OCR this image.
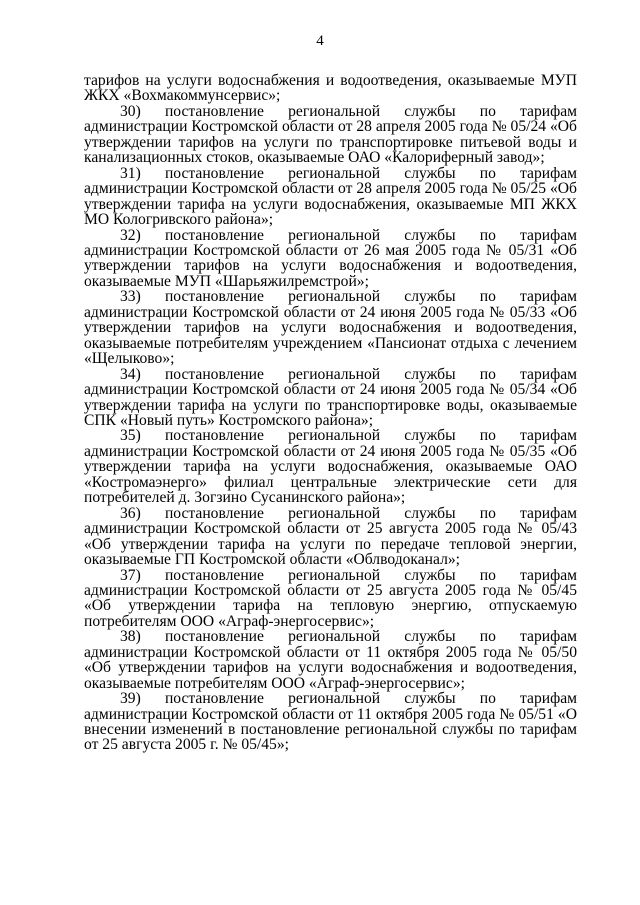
4

тарифов на услуги водоснабжения и водоотведения, оказываемые МУП ЖКХ «Вохмакоммунсервис»;

30) постановление региональной службы по тарифам администрации Костромской области от 28 апреля 2005 года № 05/24 «Об утверждении тарифов на услуги по транспортировке питьевой воды и канализационных стоков, оказываемые ОАО «Калориферный завод»;

31) постановление региональной службы по тарифам администрации Костромской области от 28 апреля 2005 года № 05/25 «Об утверждении тарифа на услуги водоснабжения, оказываемые МП ЖКХ МО Кологривского района»;

32) постановление региональной службы по тарифам администрации Костромской области от 26 мая 2005 года № 05/31 «Об утверждении тарифов на услуги водоснабжения и водоотведения, оказываемые МУП «Шарьяжилремстрой»;

33) постановление региональной службы по тарифам администрации Костромской области от 24 июня 2005 года № 05/33 «Об утверждении тарифов на услуги водоснабжения и водоотведения, оказываемые потребителям учреждением «Пансионат отдыха с лечением «Щелыково»;

34) постановление региональной службы по тарифам администрации Костромской области от 24 июня 2005 года № 05/34 «Об утверждении тарифа на услуги по транспортировке воды, оказываемые СПК «Новый путь» Костромского района»;

35) постановление региональной службы по тарифам администрации Костромской области от 24 июня 2005 года № 05/35 «Об утверждении тарифа на услуги водоснабжения, оказываемые ОАО «Костромаэнерго» филиал центральные электрические сети для потребителей д. Зогзино Сусанинского района»;

36) постановление региональной службы по тарифам администрации Костромской области от 25 августа 2005 года № 05/43 «Об утверждении тарифа на услуги по передаче тепловой энергии, оказываемые ГП Костромской области «Облводоканал»;

37) постановление региональной службы по тарифам администрации Костромской области от 25 августа 2005 года № 05/45 «Об утверждении тарифа на тепловую энергию, отпускаемую потребителям ООО «Аграф-энергосервис»;

38) постановление региональной службы по тарифам администрации Костромской области от 11 октября 2005 года № 05/50 «Об утверждении тарифов на услуги водоснабжения и водоотведения, оказываемые потребителям ООО «Аграф-энергосервис»;

39) постановление региональной службы по тарифам администрации Костромской области от 11 октября 2005 года № 05/51 «О внесении изменений в постановление региональной службы по тарифам от 25 августа 2005 г. № 05/45»;
